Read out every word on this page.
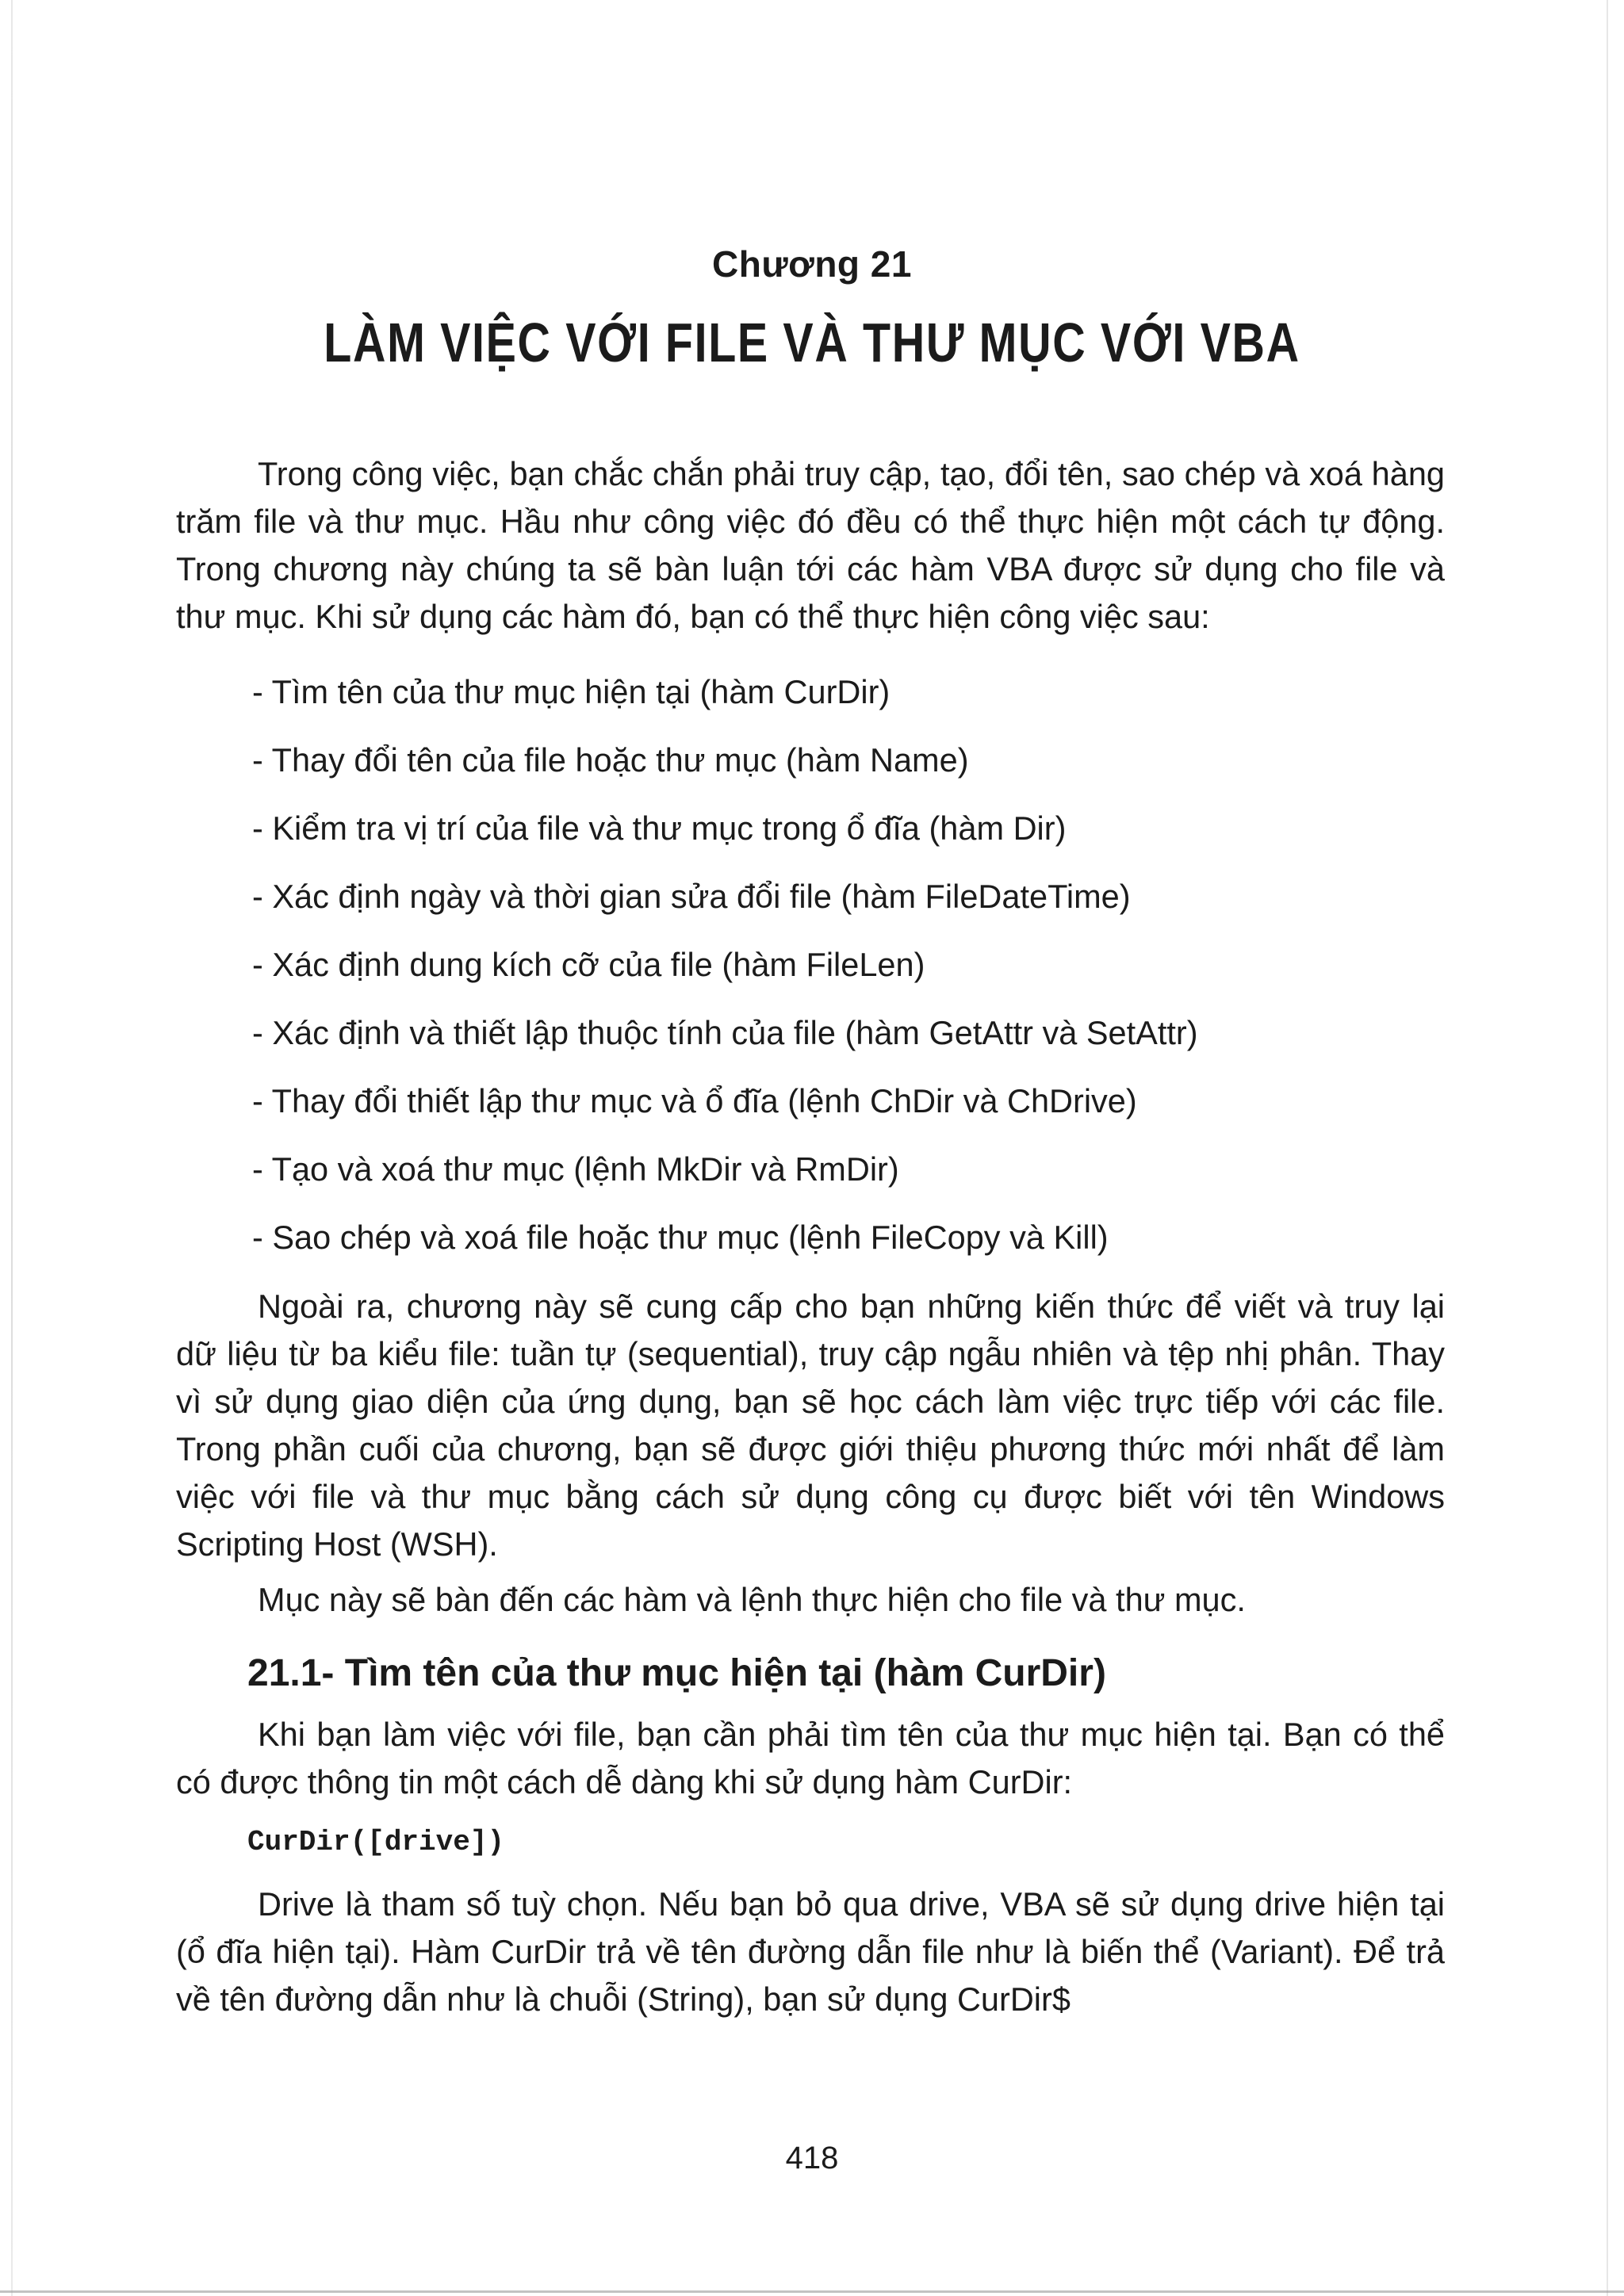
Chương 21
LÀM VIỆC VỚI FILE VÀ THƯ MỤC VỚI VBA

Trong công việc, bạn chắc chắn phải truy cập, tạo, đổi tên, sao chép và xoá hàng trăm file và thư mục. Hầu như công việc đó đều có thể thực hiện một cách tự động. Trong chương này chúng ta sẽ bàn luận tới các hàm VBA được sử dụng cho file và thư mục. Khi sử dụng các hàm đó, bạn có thể thực hiện công việc sau:

- Tìm tên của thư mục hiện tại (hàm CurDir)
- Thay đổi tên của file hoặc thư mục (hàm Name)
- Kiểm tra vị trí của file và thư mục trong ổ đĩa (hàm Dir)
- Xác định ngày và thời gian sửa đổi file (hàm FileDateTime)
- Xác định dung kích cỡ của file (hàm FileLen)
- Xác định và thiết lập thuộc tính của file (hàm GetAttr và SetAttr)
- Thay đổi thiết lập thư mục và ổ đĩa (lệnh ChDir và ChDrive)
- Tạo và xoá thư mục (lệnh MkDir và RmDir)
- Sao chép và xoá file hoặc thư mục (lệnh FileCopy và Kill)

Ngoài ra, chương này sẽ cung cấp cho bạn những kiến thức để viết và truy lại dữ liệu từ ba kiểu file: tuần tự (sequential), truy cập ngẫu nhiên và tệp nhị phân. Thay vì sử dụng giao diện của ứng dụng, bạn sẽ học cách làm việc trực tiếp với các file. Trong phần cuối của chương, bạn sẽ được giới thiệu phương thức mới nhất để làm việc với file và thư mục bằng cách sử dụng công cụ được biết với tên Windows Scripting Host (WSH).

Mục này sẽ bàn đến các hàm và lệnh thực hiện cho file và thư mục.

21.1- Tìm tên của thư mục hiện tại (hàm CurDir)

Khi bạn làm việc với file, bạn cần phải tìm tên của thư mục hiện tại. Bạn có thể có được thông tin một cách dễ dàng khi sử dụng hàm CurDir:

CurDir([drive])

Drive là tham số tuỳ chọn. Nếu bạn bỏ qua drive, VBA sẽ sử dụng drive hiện tại (ổ đĩa hiện tại). Hàm CurDir trả về tên đường dẫn file như là biến thể (Variant). Để trả về tên đường dẫn như là chuỗi (String), bạn sử dụng CurDir$

418
